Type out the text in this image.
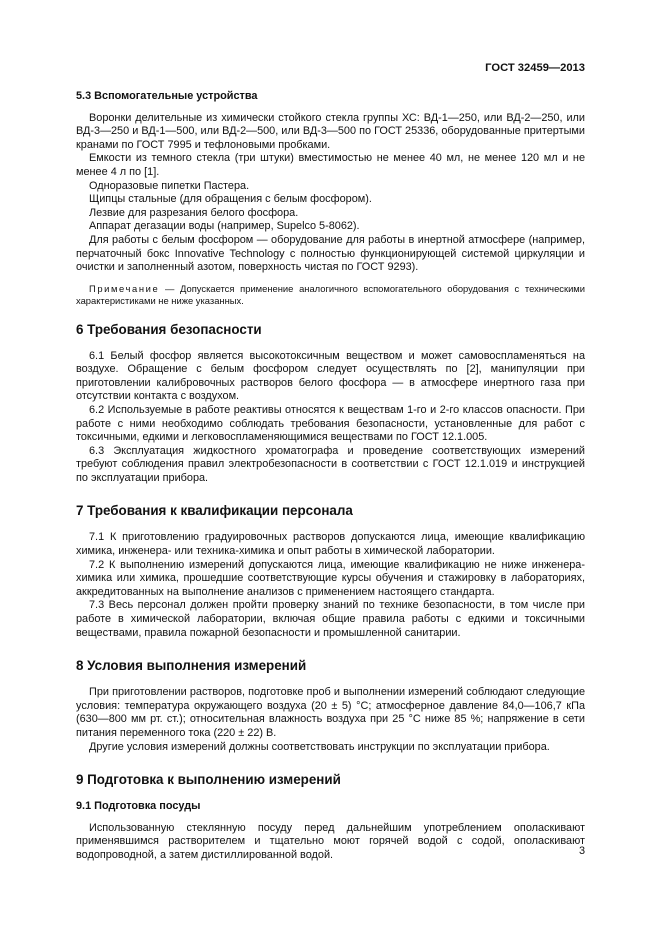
ГОСТ 32459—2013

5.3 Вспомогательные устройства

Воронки делительные из химически стойкого стекла группы ХС: ВД-1—250, или ВД-2—250, или ВД-3—250 и ВД-1—500, или ВД-2—500, или ВД-3—500 по ГОСТ 25336, оборудованные притертыми кранами по ГОСТ 7995 и тефлоновыми пробками.

Емкости из темного стекла (три штуки) вместимостью не менее 40 мл, не менее 120 мл и не менее 4 л по [1].

Одноразовые пипетки Пастера.

Щипцы стальные (для обращения с белым фосфором).

Лезвие для разрезания белого фосфора.

Аппарат дегазации воды (например, Supelco 5-8062).

Для работы с белым фосфором — оборудование для работы в инертной атмосфере (например, перчаточный бокс Innovative Technology с полностью функционирующей системой циркуляции и очистки и заполненный азотом, поверхность чистая по ГОСТ 9293).

Примечание — Допускается применение аналогичного вспомогательного оборудования с техническими характеристиками не ниже указанных.

6 Требования безопасности

6.1 Белый фосфор является высокотоксичным веществом и может самовоспламеняться на воздухе. Обращение с белым фосфором следует осуществлять по [2], манипуляции при приготовлении калибровочных растворов белого фосфора — в атмосфере инертного газа при отсутствии контакта с воздухом.

6.2 Используемые в работе реактивы относятся к веществам 1-го и 2-го классов опасности. При работе с ними необходимо соблюдать требования безопасности, установленные для работ с токсичными, едкими и легковоспламеняющимися веществами по ГОСТ 12.1.005.

6.3 Эксплуатация жидкостного хроматографа и проведение соответствующих измерений требуют соблюдения правил электробезопасности в соответствии с ГОСТ 12.1.019 и инструкцией по эксплуатации прибора.

7 Требования к квалификации персонала

7.1 К приготовлению градуировочных растворов допускаются лица, имеющие квалификацию химика, инженера- или техника-химика и опыт работы в химической лаборатории.

7.2 К выполнению измерений допускаются лица, имеющие квалификацию не ниже инженера-химика или химика, прошедшие соответствующие курсы обучения и стажировку в лабораториях, аккредитованных на выполнение анализов с применением настоящего стандарта.

7.3 Весь персонал должен пройти проверку знаний по технике безопасности, в том числе при работе в химической лаборатории, включая общие правила работы с едкими и токсичными веществами, правила пожарной безопасности и промышленной санитарии.

8 Условия выполнения измерений

При приготовлении растворов, подготовке проб и выполнении измерений соблюдают следующие условия: температура окружающего воздуха (20 ± 5) °С; атмосферное давление 84,0—106,7 кПа (630—800 мм рт. ст.); относительная влажность воздуха при 25 °С ниже 85 %; напряжение в сети питания переменного тока (220 ± 22) В.

Другие условия измерений должны соответствовать инструкции по эксплуатации прибора.

9 Подготовка к выполнению измерений

9.1 Подготовка посуды

Использованную стеклянную посуду перед дальнейшим употреблением ополаскивают применявшимся растворителем и тщательно моют горячей водой с содой, ополаскивают водопроводной, а затем дистиллированной водой.	3
